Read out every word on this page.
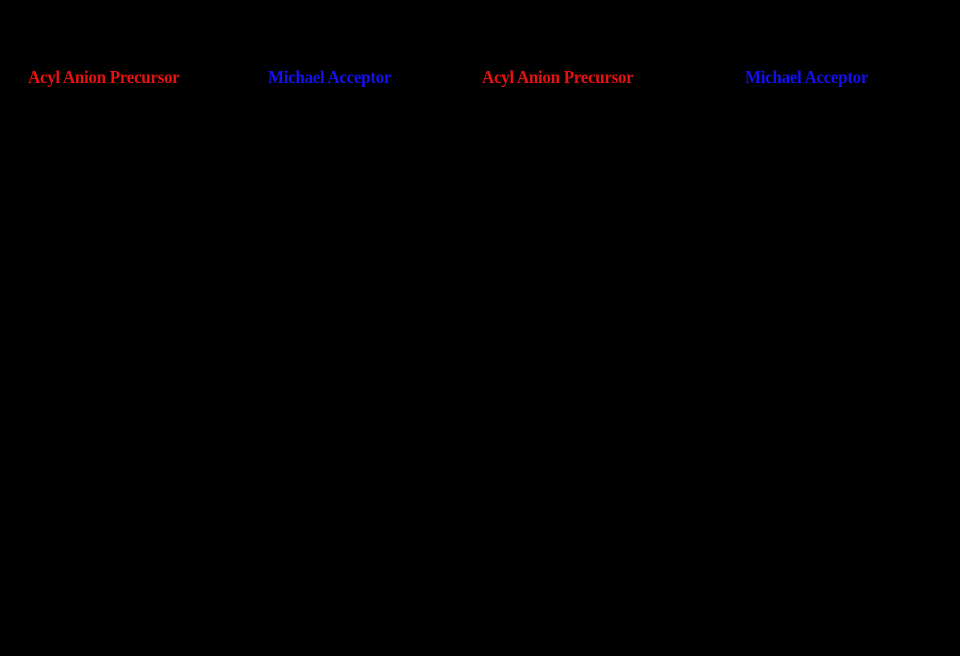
Acyl Anion Precursor	Michael Acceptor	Acyl Anion Precursor	Michael Acceptor
